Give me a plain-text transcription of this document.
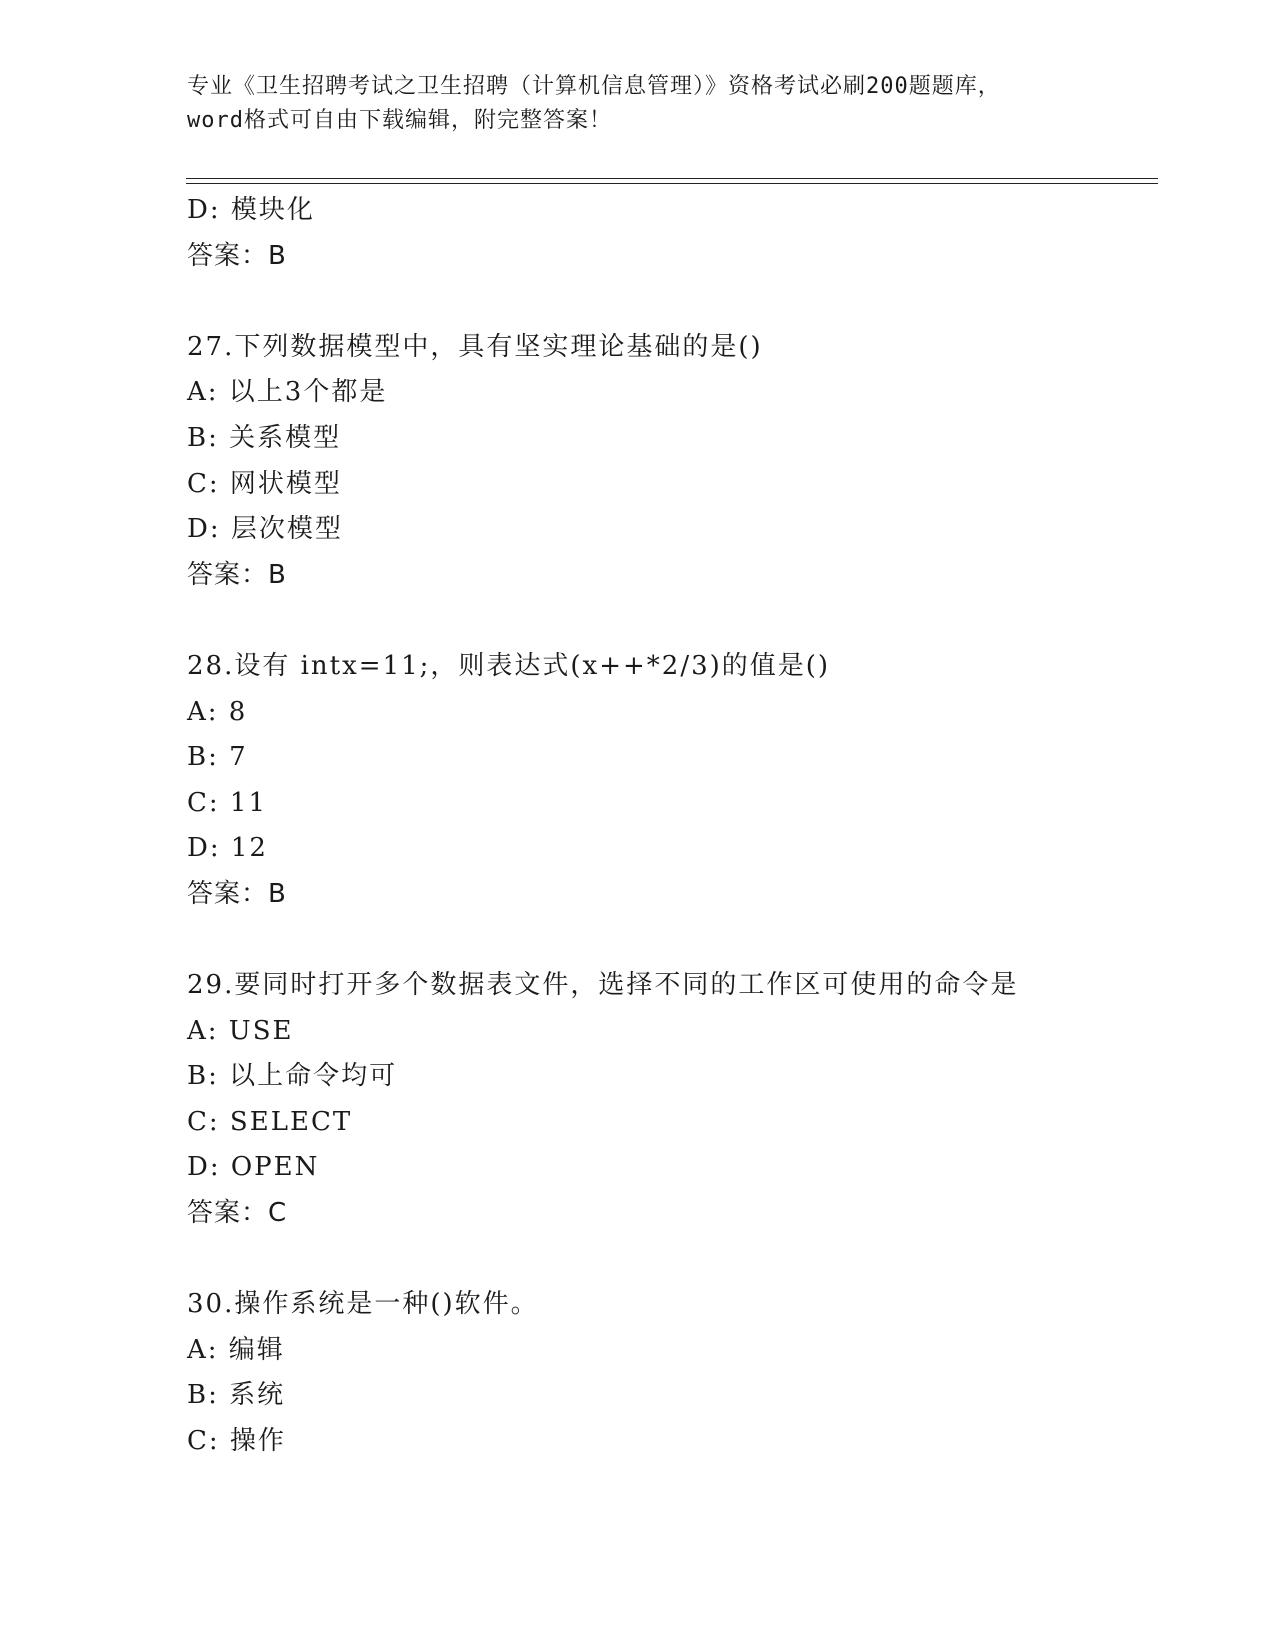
专业《卫生招聘考试之卫生招聘（计算机信息管理）》资格考试必刷200题题库，
word格式可自由下载编辑，附完整答案！
D: 模块化
答案：B
27.下列数据模型中，具有坚实理论基础的是()
A: 以上3个都是
B: 关系模型
C: 网状模型
D: 层次模型
答案：B
28.设有 intx=11;，则表达式(x++*2/3)的值是()
A: 8
B: 7
C: 11
D: 12
答案：B
29.要同时打开多个数据表文件，选择不同的工作区可使用的命令是
A: USE
B: 以上命令均可
C: SELECT
D: OPEN
答案：C
30.操作系统是一种()软件。
A: 编辑
B: 系统
C: 操作
